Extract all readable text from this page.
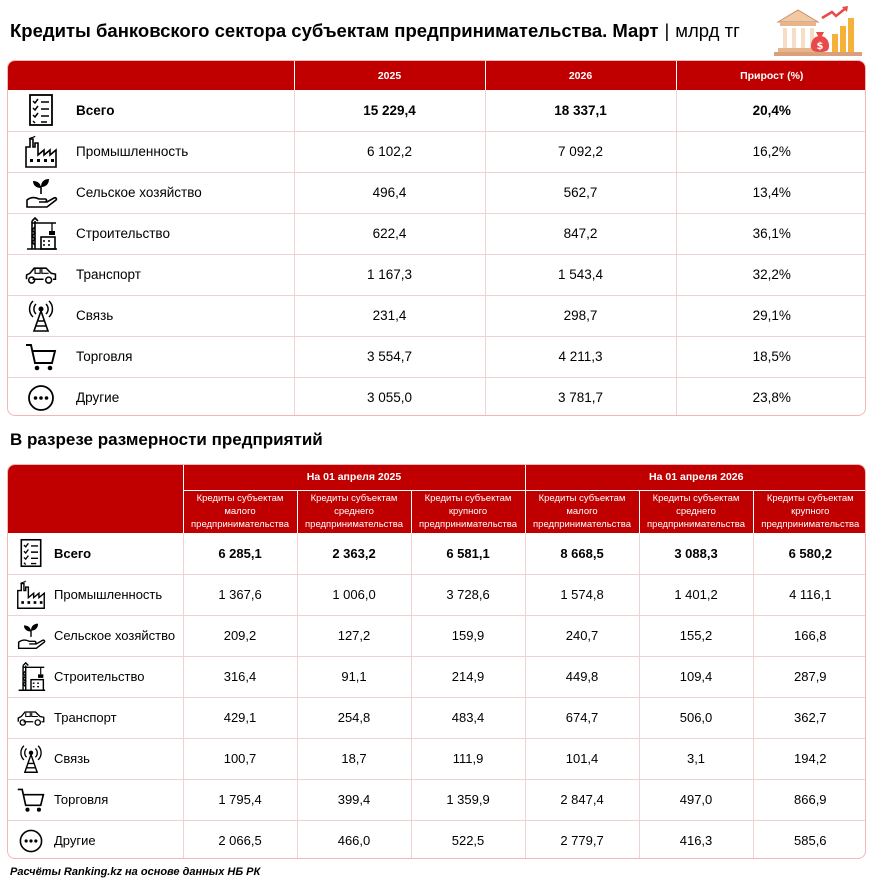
Кредиты банковского сектора субъектам предпринимательства. Март | млрд тг
$
	2025	2026	Прирост (%)

Всего	15 229,4	18 337,1	20,4%

Промышленность	6 102,2	7 092,2	16,2%

Сельское хозяйство	496,4	562,7	13,4%

Строительство	622,4	847,2	36,1%

Транспорт	1 167,3	1 543,4	32,2%

Связь	231,4	298,7	29,1%

Торговля	3 554,7	4 211,3	18,5%

Другие	3 055,0	3 781,7	23,8%
В разрезе размерности предприятий
	На 01 апреля 2025			На 01 апреля 2026		
	Кредиты субъектам малого предпринимательства	Кредиты субъектам среднего предпринимательства	Кредиты субъектам крупного предпринимательства	Кредиты субъектам малого предпринимательства	Кредиты субъектам среднего предпринимательства	Кредиты субъектам крупного предпринимательства

Всего	6 285,1	2 363,2	6 581,1	8 668,5	3 088,3	6 580,2

Промышленность	1 367,6	1 006,0	3 728,6	1 574,8	1 401,2	4 116,1

Сельское хозяйство	209,2	127,2	159,9	240,7	155,2	166,8

Строительство	316,4	91,1	214,9	449,8	109,4	287,9

Транспорт	429,1	254,8	483,4	674,7	506,0	362,7

Связь	100,7	18,7	111,9	101,4	3,1	194,2

Торговля	1 795,4	399,4	1 359,9	2 847,4	497,0	866,9

Другие	2 066,5	466,0	522,5	2 779,7	416,3	585,6
Расчёты Ranking.kz на основе данных НБ РК
